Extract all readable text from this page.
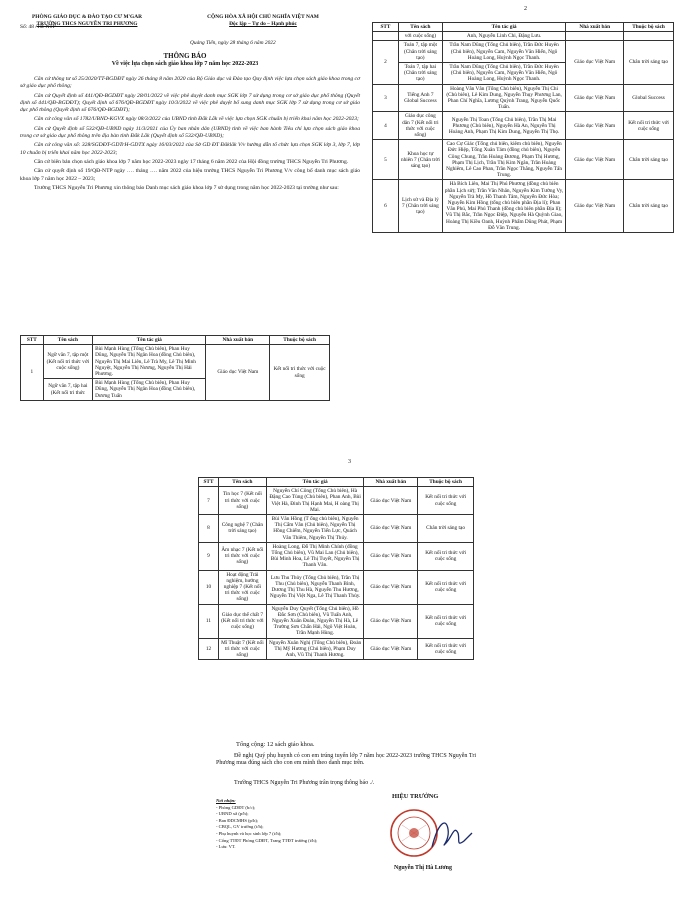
PHÒNG GIÁO DỤC & ĐÀO TẠO CƯ M'GAR
TRƯỜNG THCS NGUYỄN TRI PHƯƠNG
CỘNG HÒA XÃ HỘI CHỦ NGHĨA VIỆT NAM
Độc lập – Tự do – Hạnh phúc
Số: 48 /TB-NTP
Quảng Tiến, ngày 28 tháng 6 năm 2022
THÔNG BÁO
Về việc lựa chọn sách giáo khoa lớp 7 năm học 2022-2023

Căn cứ thông tư số 25/2020/TT-BGDĐT ngày 26 tháng 8 năm 2020 của Bộ Giáo dục và Đào tạo Quy định việc lựa chọn sách giáo khoa trong cơ sở giáo dục phổ thông;

Căn cứ Quyết định số 441/QĐ-BGDĐT ngày 28/01/2022 về việc phê duyệt danh mục SGK lớp 7 sử dụng trong cơ sở giáo dục phổ thông (Quyết định số 441/QĐ-BGDĐT); Quyết định số 676/QĐ-BGDĐT ngày 10/3/2022 về việc phê duyệt bổ sung danh mục SGK lớp 7 sử dụng trong cơ sở giáo dục phổ thông (Quyết định số 676/QĐ-BGDĐT);

Căn cứ công văn số 1782/UBND-KGVX ngày 08/3/2022 của UBND tỉnh Đắk Lắk về việc lựa chọn SGK chuẩn bị triển khai năm học 2022-2023;

Căn cứ Quyết định số 532/QĐ-UBND ngày 11/3/2021 của Ủy ban nhân dân (UBND) tỉnh về việc ban hành Tiêu chí lựa chọn sách giáo khoa trong cơ sở giáo dục phổ thông trên địa bàn tỉnh Đắk Lắk (Quyết định số 532/QĐ-UBND);

Căn cứ công văn số: 328/SGDĐT-GDTrH-GDTX ngày 16/03/2022 của Sở GD ĐT Đăklăk V/v hướng dẫn tổ chức lựa chọn SGK lớp 3, lớp 7, lớp 10 chuẩn bị triển khai năm học 2022-2023;

Căn cứ biên bản chọn sách giáo khoa lớp 7 năm học 2022-2023 ngày 17 tháng 6 năm 2022 của Hội đồng trường THCS Nguyễn Tri Phương.

Căn cứ quyết định số 19/QĐ-NTP ngày …. tháng …. năm 2022 của hiệu trưởng THCS Nguyễn Tri Phương V/v công bố danh mục sách giáo khoa lớp 7 năm học 2022 – 2023;

Trường THCS Nguyễn Tri Phương xin thông báo Danh mục sách giáo khoa lớp 7 sử dụng trong năm học 2022-2023 tại trường như sau:

STT	Tên sách	Tên tác giả	Nhà xuất bản	Thuộc bộ sách
1	Ngữ văn 7, tập một (Kết nối tri thức với cuộc sống)	Bùi Mạnh Hùng (Tổng Chủ biên), Phan Huy Dũng, Nguyễn Thị Ngân Hoa (đồng Chủ biên), Nguyễn Thị Mai Liên, Lê Trà My, Lê Thị Minh Nguyệt, Nguyễn Thị Nương, Nguyễn Thị Hải Phương.	Giáo dục Việt Nam	Kết nối tri thức với cuộc sống
	Ngữ văn 7, tập hai (Kết nối tri thức	Bùi Mạnh Hùng (Tổng Chủ biên), Phan Huy Dũng, Nguyễn Thị Ngân Hoa (đồng Chủ biên), Dương Tuấn		
2
STT	Tên sách	Tên tác giả	Nhà xuất bản	Thuộc bộ sách
	với cuộc sống)	Anh, Nguyễn Linh Chi, Đặng Lưu.		
2	Toán 7, tập một (Chân trời sáng tạo)	Trần Nam Dũng (Tổng Chủ biên), Trần Đức Huyên (Chủ biên), Nguyễn Cam, Nguyễn Văn Hiển, Ngô Hoàng Long, Huỳnh Ngọc Thanh.	Giáo dục Việt Nam	Chân trời sáng tạo
	Toán 7, tập hai (Chân trời sáng tạo)	Trần Nam Dũng (Tổng Chủ biên), Trần Đức Huyên (Chủ biên), Nguyễn Cam, Nguyễn Văn Hiển, Ngô Hoàng Long, Huỳnh Ngọc Thanh.		
3	Tiếng Anh 7 Global Success	Hoàng Văn Vân (Tổng Chủ biên), Nguyễn Thị Chi (Chủ biên), Lê Kim Dung, Nguyễn Thụy Phương Lan, Phan Chí Nghĩa, Lương Quỳnh Trang, Nguyễn Quốc Tuấn.	Giáo dục Việt Nam	Global Success
4	Giáo dục công dân 7 (Kết nối tri thức với cuộc sống)	Nguyễn Thị Toan (Tổng Chủ biên), Trần Thị Mai Phương (Chủ biên), Nguyễn Hà An, Nguyễn Thị Hoàng Anh, Phạm Thị Kim Dung, Nguyễn Thị Thọ.	Giáo dục Việt Nam	Kết nối tri thức với cuộc sống
5	Khoa học tự nhiên 7 (Chân trời sáng tạo)	Cao Cự Giác (Tổng chủ biên, kiêm chủ biên), Nguyễn Đức Hiệp, Tống Xuân Tám (đồng chủ biên), Nguyễn Công Chung, Trần Hoàng Đương, Phạm Thị Hương, Phạm Thị Lịch, Trần Thị Kim Ngân, Trần Hoàng Nghiêm, Lê Cao Phan, Trần Ngọc Thắng, Nguyễn Tấn Trung.	Giáo dục Việt Nam	Chân trời sáng tạo
6	Lịch sử và Địa lý 7 (Chân trời sáng tạo)	Hà Bích Liên, Mai Thị Phú Phương (đồng chủ biên phần Lịch sử); Trần Văn Nhân, Nguyễn Kim Tường Vy, Nguyễn Trà My, Hồ Thanh Tâm, Nguyễn Đức Hòa; Nguyễn Kim Hồng (tổng chủ biên phần Địa lí); Phan Văn Phú, Mai Phú Thanh (đồng chủ biên phần Địa lí); Vũ Thị Bắc, Trần Ngọc Điệp, Nguyễn Hà Quỳnh Giao, Hoàng Thị Kiều Oanh, Huỳnh Phẩm Dũng Phát, Phạm Đỗ Văn Trung.	Giáo dục Việt Nam	Chân trời sáng tạo
3
STT	Tên sách	Tên tác giả	Nhà xuất bản	Thuộc bộ sách
7	Tin học 7 (Kết nối tri thức với cuộc sống)	Nguyễn Chí Công (Tổng Chủ biên), Hà Đặng Cao Tùng (Chủ biên), Phan Anh, Bùi Việt Hà, Đinh Thị Hạnh Mai, H oàng Thị Mai.	Giáo dục Việt Nam	Kết nối tri thức với cuộc sống
8	Công nghệ 7 (Chân trời sáng tạo)	Bùi Văn Hồng (T ổng chủ biên), Nguyễn Thị Cẩm Vân (Chủ biên), Nguyễn Thị Hồng Chiếm, Nguyễn Tiến Lực, Quách Văn Thiêm, Nguyễn Thị Thúy.	Giáo dục Việt Nam	Chân trời sáng tạo
9	Âm nhạc 7 (Kết nối tri thức với cuộc sống)	Hoàng Long, Đỗ Thị Minh Chính (đồng Tổng Chủ biên), Vũ Mai Lan (Chủ biên), Bùi Minh Hoa, Lê Thị Tuyết, Nguyễn Thị Thanh Vân.	Giáo dục Việt Nam	Kết nối tri thức với cuộc sống
10	Hoạt động Trải nghiệm, hướng nghiệp 7 (Kết nối tri thức với cuộc sống)	Lưu Thu Thủy (Tổng Chủ biên), Trần Thị Thu (Chủ biên), Nguyễn Thanh Bình, Dương Thị Thu Hà, Nguyễn Thu Hương, Nguyễn Thị Việt Nga, Lê Thị Thanh Thủy.	Giáo dục Việt Nam	Kết nối tri thức với cuộc sống
11	Giáo dục thể chất 7 (Kết nối tri thức với cuộc sống)	Nguyễn Duy Quyết (Tổng Chủ biên), Hồ Đắc Sơn (Chủ biên), Vũ Tuấn Anh, Nguyễn Xuân Đoàn, Nguyễn Thị Hà, Lê Trường Sơn Chấn Hải, Ngô Việt Hoàn, Trần Mạnh Hùng.	Giáo dục Việt Nam	Kết nối tri thức với cuộc sống
12	Mĩ Thuật 7 (Kết nối tri thức với cuộc sống)	Nguyễn Xuân Nghị (Tổng Chủ biên), Đoàn Thị Mỹ Hương (Chủ biên), Phạm Duy Anh, Vũ Thị Thanh Hương.	Giáo dục Việt Nam	Kết nối tri thức với cuộc sống
Tổng cộng: 12 sách giáo khoa.
Đề nghị Quý phụ huynh có con em trúng tuyển lớp 7 năm học 2022-2023 trường THCS Nguyễn Tri Phương mua đúng sách cho con em mình theo danh mục trên.
Trường THCS Nguyễn Tri Phương trân trọng thông báo ./.
Nơi nhận:
- Phòng GDĐT (b/c);
- UBND xã (p/h);
- Ban ĐDCMHS (p/h);
- CBQL, GV trường (t/h);
- Phụ huynh và học sinh lớp 7 (t/h);
- Cổng TTĐT Phòng GDĐT, Trang TTĐT trường (t/h);
- Lưu: VT.
HIỆU TRƯỞNG
Nguyễn Thị Hà Lương
